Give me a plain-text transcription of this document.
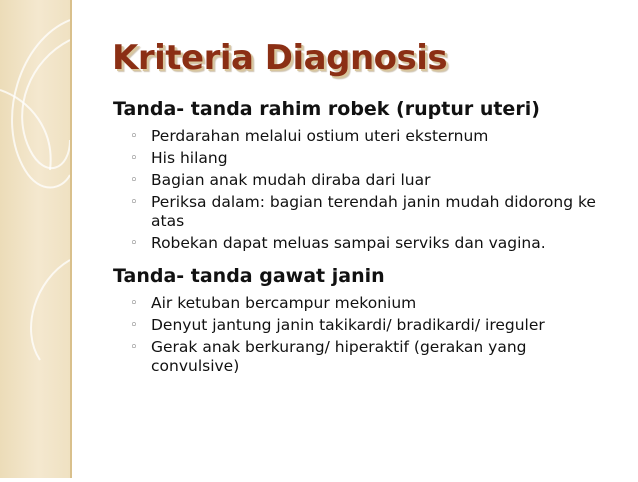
Kriteria Diagnosis
Tanda- tanda rahim robek (ruptur uteri)
◦ Perdarahan melalui ostium uteri eksternum
◦ His hilang
◦ Bagian anak mudah diraba dari luar
◦ Periksa dalam: bagian terendah janin mudah didorong ke atas
◦ Robekan dapat meluas sampai serviks dan vagina.
Tanda- tanda gawat janin
◦ Air ketuban bercampur mekonium
◦ Denyut jantung janin takikardi/ bradikardi/ ireguler
◦ Gerak anak berkurang/ hiperaktif (gerakan yang convulsive)
